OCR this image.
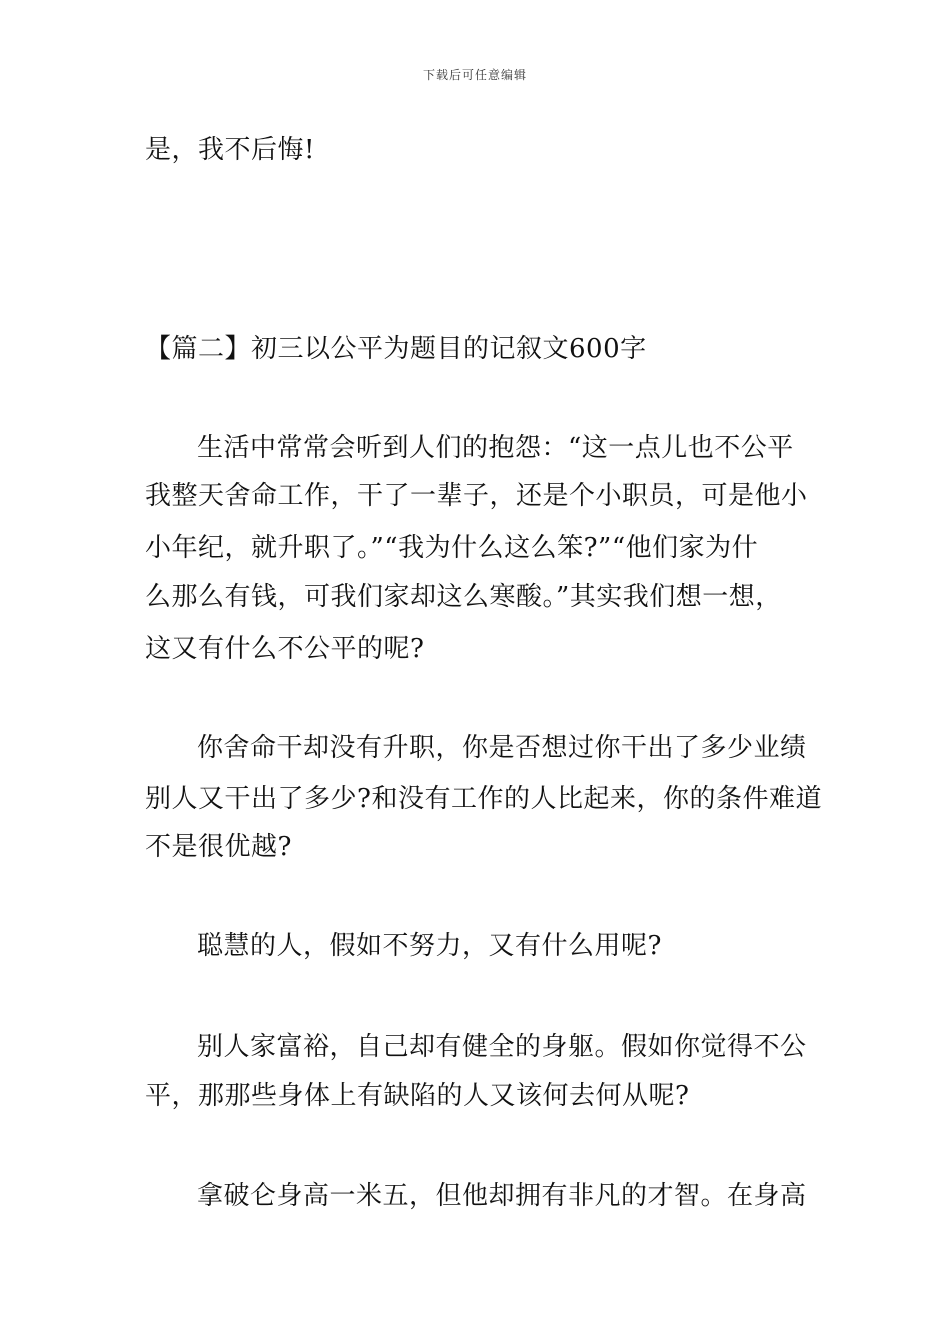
下载后可任意编辑
是，我不后悔!
【篇二】初三以公平为题目的记叙文600字
生活中常常会听到人们的抱怨：“这一点儿也不公平
我整天舍命工作，干了一辈子，还是个小职员，可是他小
小年纪，就升职了。”“我为什么这么笨?”“他们家为什
么那么有钱，可我们家却这么寒酸。”其实我们想一想，
这又有什么不公平的呢?
你舍命干却没有升职，你是否想过你干出了多少业绩
别人又干出了多少?和没有工作的人比起来，你的条件难道
不是很优越?
聪慧的人，假如不努力，又有什么用呢?
别人家富裕，自己却有健全的身躯。假如你觉得不公
平，那那些身体上有缺陷的人又该何去何从呢?
拿破仑身高一米五，但他却拥有非凡的才智。在身高
